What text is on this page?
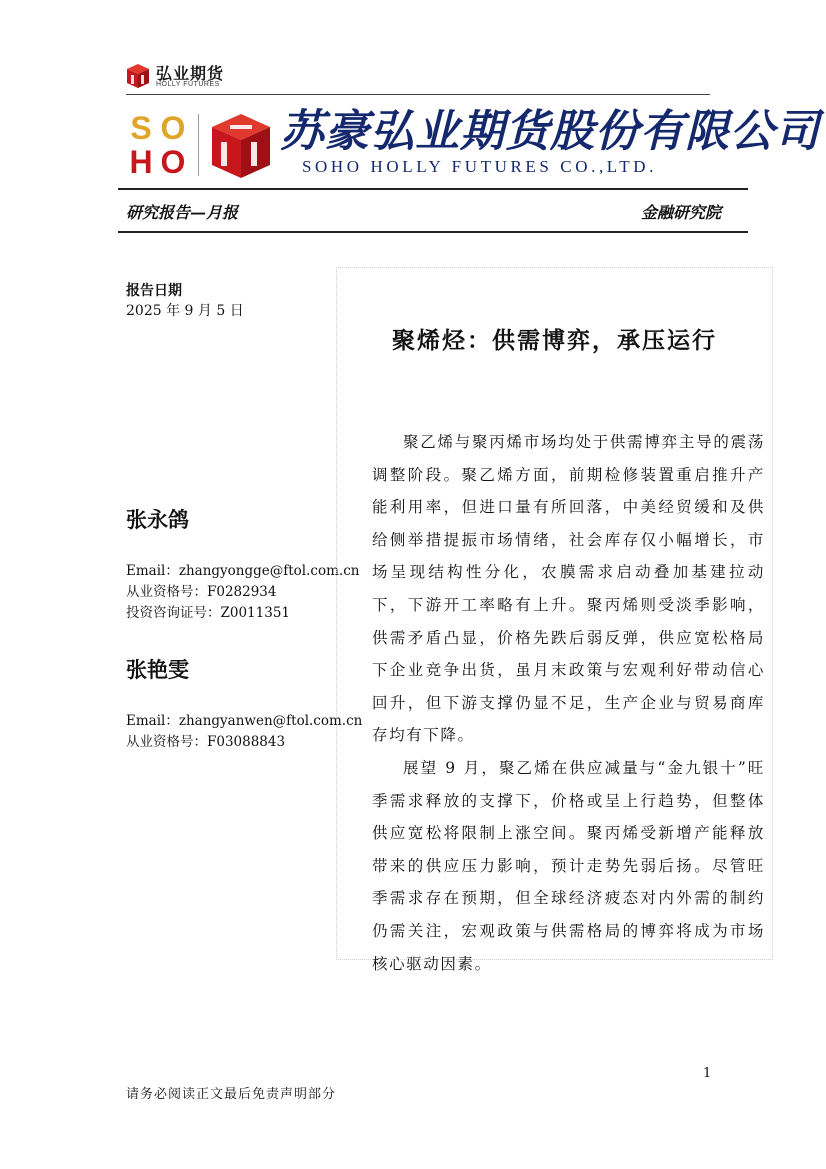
弘业期货
HOLLY FUTURES
S O
H O
苏豪弘业期货股份有限公司
SOHO HOLLY FUTURES CO.,LTD.
研究报告—月报	金融研究院
报告日期
2025 年 9 月 5 日
张永鸽
Email：zhangyongge@ftol.com.cn
从业资格号：F0282934
投资咨询证号：Z0011351
张艳雯
Email：zhangyanwen@ftol.com.cn
从业资格号：F03088843
聚烯烃：供需博弈，承压运行

聚乙烯与聚丙烯市场均处于供需博弈主导的震荡调整阶段。聚乙烯方面，前期检修装置重启推升产能利用率，但进口量有所回落，中美经贸缓和及供给侧举措提振市场情绪，社会库存仅小幅增长，市场呈现结构性分化，农膜需求启动叠加基建拉动下，下游开工率略有上升。聚丙烯则受淡季影响，供需矛盾凸显，价格先跌后弱反弹，供应宽松格局下企业竞争出货，虽月末政策与宏观利好带动信心回升，但下游支撑仍显不足，生产企业与贸易商库存均有下降。

展望 9 月，聚乙烯在供应减量与“金九银十”旺季需求释放的支撑下，价格或呈上行趋势，但整体供应宽松将限制上涨空间。聚丙烯受新增产能释放带来的供应压力影响，预计走势先弱后扬。尽管旺季需求存在预期，但全球经济疲态对内外需的制约仍需关注，宏观政策与供需格局的博弈将成为市场核心驱动因素。

1
请务必阅读正文最后免责声明部分
